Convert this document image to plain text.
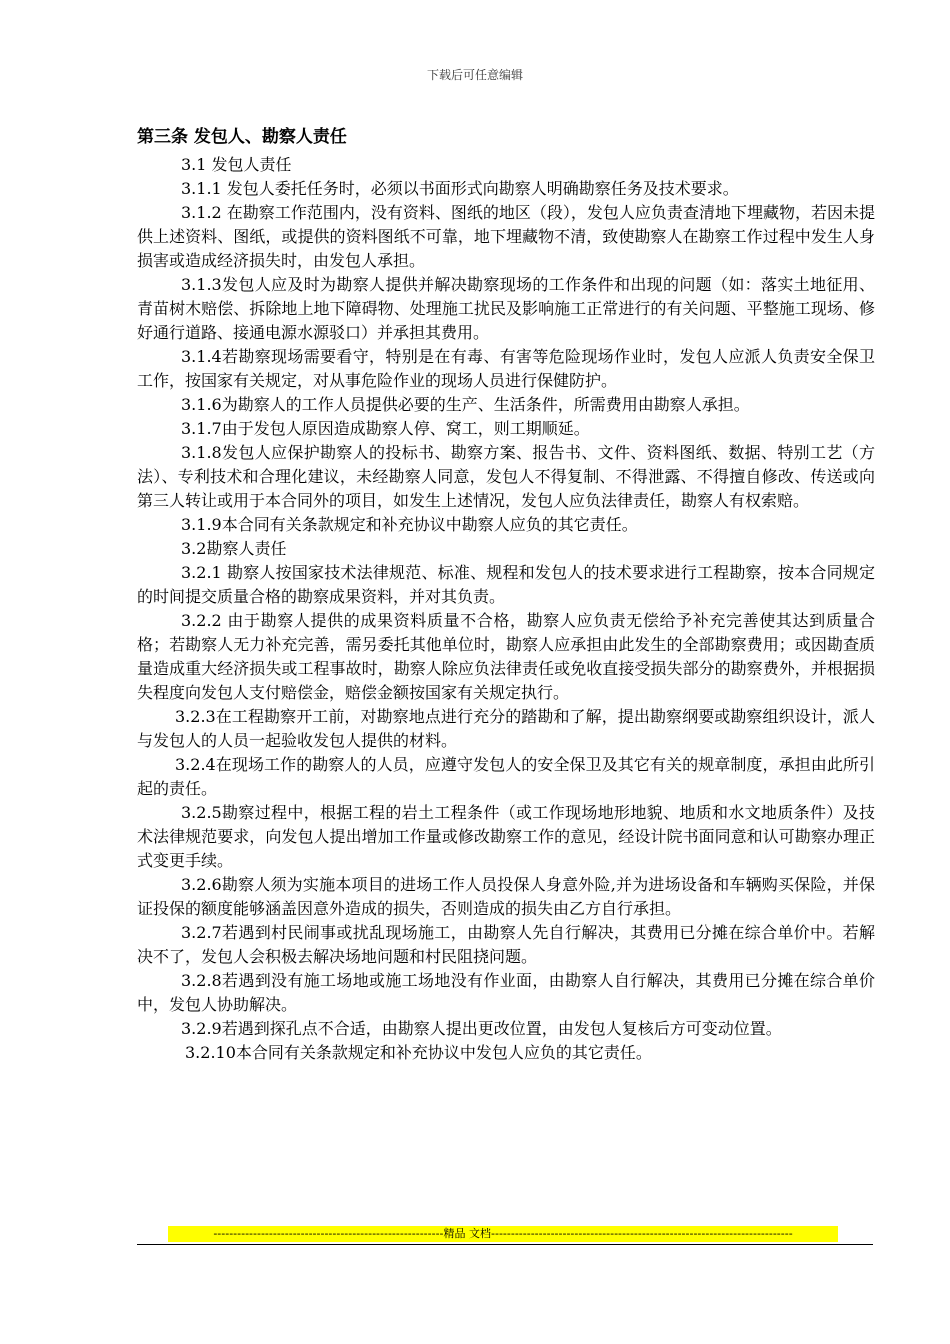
下载后可任意编辑
第三条 发包人、勘察人责任

3.1 发包人责任

3.1.1 发包人委托任务时，必须以书面形式向勘察人明确勘察任务及技术要求。

3.1.2 在勘察工作范围内，没有资料、图纸的地区（段），发包人应负责查清地下埋藏物，若因未提供上述资料、图纸，或提供的资料图纸不可靠，地下埋藏物不清，致使勘察人在勘察工作过程中发生人身损害或造成经济损失时，由发包人承担。

3.1.3发包人应及时为勘察人提供并解决勘察现场的工作条件和出现的问题（如：落实土地征用、青苗树木赔偿、拆除地上地下障碍物、处理施工扰民及影响施工正常进行的有关问题、平整施工现场、修好通行道路、接通电源水源驳口）并承担其费用。

3.1.4若勘察现场需要看守，特别是在有毒、有害等危险现场作业时，发包人应派人负责安全保卫工作，按国家有关规定，对从事危险作业的现场人员进行保健防护。

3.1.6为勘察人的工作人员提供必要的生产、生活条件，所需费用由勘察人承担。

3.1.7由于发包人原因造成勘察人停、窝工，则工期顺延。

3.1.8发包人应保护勘察人的投标书、勘察方案、报告书、文件、资料图纸、数据、特别工艺（方法）、专利技术和合理化建议，未经勘察人同意，发包人不得复制、不得泄露、不得擅自修改、传送或向第三人转让或用于本合同外的项目，如发生上述情况，发包人应负法律责任，勘察人有权索赔。

3.1.9本合同有关条款规定和补充协议中勘察人应负的其它责任。

3.2勘察人责任

3.2.1 勘察人按国家技术法律规范、标准、规程和发包人的技术要求进行工程勘察，按本合同规定的时间提交质量合格的勘察成果资料，并对其负责。

3.2.2 由于勘察人提供的成果资料质量不合格，勘察人应负责无偿给予补充完善使其达到质量合格；若勘察人无力补充完善，需另委托其他单位时，勘察人应承担由此发生的全部勘察费用；或因勘查质量造成重大经济损失或工程事故时，勘察人除应负法律责任或免收直接受损失部分的勘察费外，并根据损失程度向发包人支付赔偿金，赔偿金额按国家有关规定执行。

3.2.3在工程勘察开工前，对勘察地点进行充分的踏勘和了解，提出勘察纲要或勘察组织设计，派人与发包人的人员一起验收发包人提供的材料。

3.2.4在现场工作的勘察人的人员，应遵守发包人的安全保卫及其它有关的规章制度，承担由此所引起的责任。

3.2.5勘察过程中，根据工程的岩土工程条件（或工作现场地形地貌、地质和水文地质条件）及技术法律规范要求，向发包人提出增加工作量或修改勘察工作的意见，经设计院书面同意和认可勘察办理正式变更手续。

3.2.6勘察人须为实施本项目的进场工作人员投保人身意外险,并为进场设备和车辆购买保险，并保证投保的额度能够涵盖因意外造成的损失，否则造成的损失由乙方自行承担。

3.2.7若遇到村民闹事或扰乱现场施工，由勘察人先自行解决，其费用已分摊在综合单价中。若解决不了，发包人会积极去解决场地问题和村民阻挠问题。

3.2.8若遇到没有施工场地或施工场地没有作业面，由勘察人自行解决，其费用已分摊在综合单价中，发包人协助解决。

3.2.9若遇到探孔点不合适，由勘察人提出更改位置，由发包人复核后方可变动位置。

3.2.10本合同有关条款规定和补充协议中发包人应负的其它责任。

----------------------------------------------------------精品 文档----------------------------------------------------------------------------
